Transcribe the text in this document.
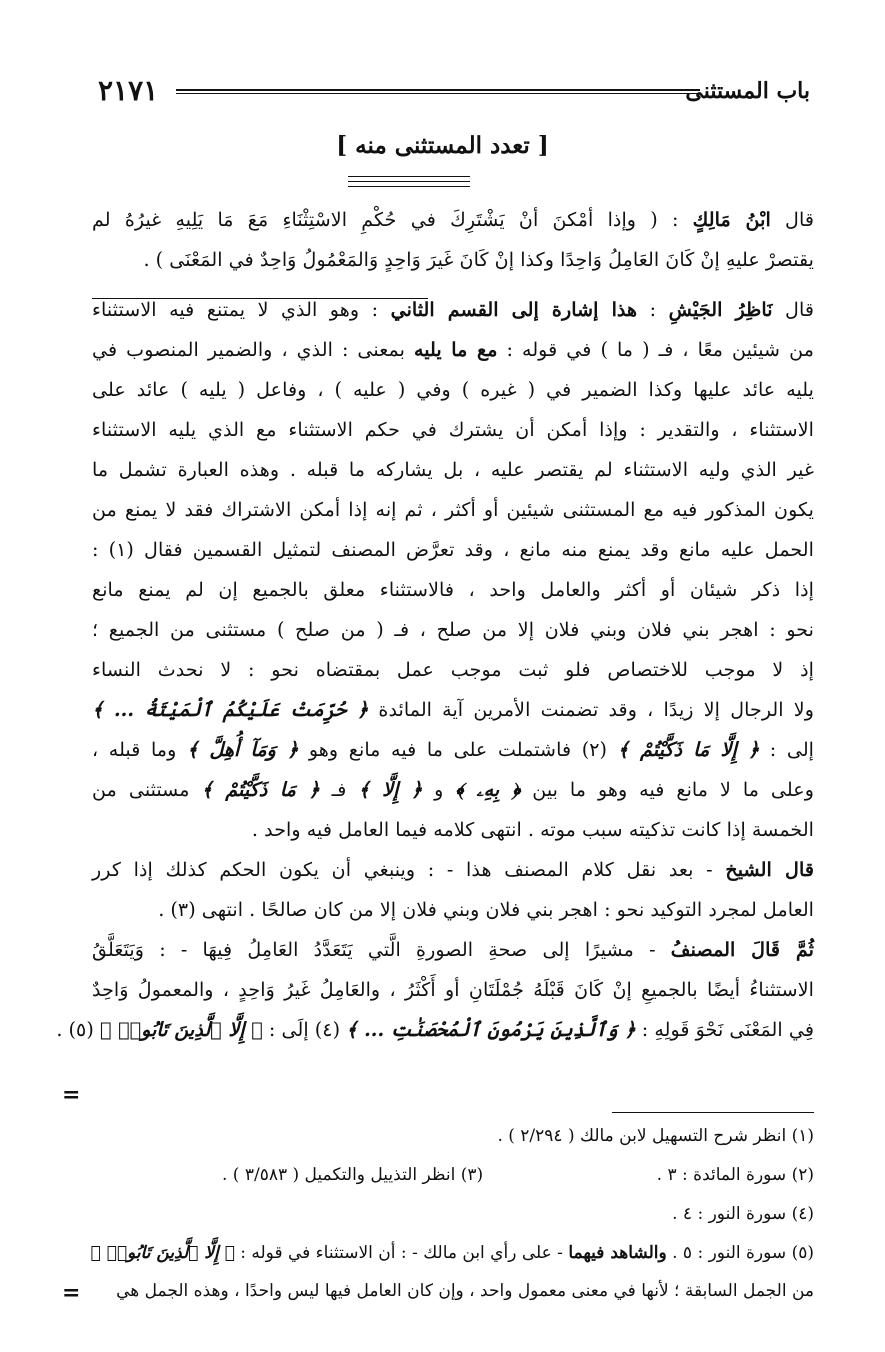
باب المستثنى
٢١٧١
[ تعدد المستثنى منه ]
قال ابْنُ مَالِكٍ : ( وإذا أمْكنَ أنْ يَشْتَرِكَ في حُكْمِ الاسْتِثْنَاءِ مَعَ مَا يَلِيهِ غيرُهُ لم
يقتصرْ عليهِ إنْ كَانَ العَامِلُ وَاحِدًا وكذا إنْ كَانَ غَيرَ وَاحِدٍ وَالمَعْمُولُ وَاحِدٌ في المَعْنَى ) .
قال نَاظِرُ الجَيْشِ : هذا إشارة إلى القسم الثاني : وهو الذي لا يمتنع فيه الاستثناء
من شيئين معًا ، فـ ( ما ) في قوله : مع ما يليه بمعنى : الذي ، والضمير المنصوب في
يليه عائد عليها وكذا الضمير في ( غيره ) وفي ( عليه ) ، وفاعل ( يليه ) عائد على
الاستثناء ، والتقدير : وإذا أمكن أن يشترك في حكم الاستثناء مع الذي يليه الاستثناء
غير الذي وليه الاستثناء لم يقتصر عليه ، بل يشاركه ما قبله . وهذه العبارة تشمل ما
يكون المذكور فيه مع المستثنى شيئين أو أكثر ، ثم إنه إذا أمكن الاشتراك فقد لا يمنع من
الحمل عليه مانع وقد يمنع منه مانع ، وقد تعرَّض المصنف لتمثيل القسمين فقال (١) :
إذا ذكر شيئان أو أكثر والعامل واحد ، فالاستثناء معلق بالجميع إن لم يمنع مانع
نحو : اهجر بني فلان وبني فلان إلا من صلح ، فـ ( من صلح ) مستثنى من الجميع ؛
إذ لا موجب للاختصاص فلو ثبت موجب عمل بمقتضاه نحو : لا نحدث النساء
ولا الرجال إلا زيدًا ، وقد تضمنت الأمرين آية المائدة ﴿ حُرِّمَتْ عَلَيْكُمُ ٱلْمَيْتَةُ ... ﴾
إلى : ﴿ إِلَّا مَا ذَكَّيْتُمْ ﴾ (٢) فاشتملت على ما فيه مانع وهو ﴿ وَمَآ أُهِلَّ ﴾ وما قبله ،
وعلى ما لا مانع فيه وهو ما بين ﴿ بِهِۦ ﴾ و ﴿ إِلَّا ﴾ فـ ﴿ مَا ذَكَّيْتُمْ ﴾ مستثنى من
الخمسة إذا كانت تذكيته سبب موته . انتهى كلامه فيما العامل فيه واحد .
قال الشيخ - بعد نقل كلام المصنف هذا - : وينبغي أن يكون الحكم كذلك إذا كرر
العامل لمجرد التوكيد نحو : اهجر بني فلان وبني فلان إلا من كان صالحًا . انتهى (٣) .
ثُمَّ قَالَ المصنفُ - مشيرًا إلى صحةِ الصورةِ الَّتي يَتَعَدَّدُ العَامِلُ فِيهَا - : وَيَتَعَلَّقُ
الاستثناءُ أيضًا بالجميعِ إنْ كَانَ قَبْلَهُ جُمْلَتَانِ أو أَكْثَرُ ، والعَامِلُ غَيرُ وَاحِدٍ ، والمعمولُ وَاحِدٌ
فِي المَعْنَى نَحْوَ قَولِهِ : ﴿ وَٱلَّذِينَ يَرْمُونَ ٱلْمُحْصَنَٰتِ ... ﴾ (٤) إلَى : ﴿ إِلَّا ٱلَّذِينَ تَابُوا۟ ﴾ (٥) .
=
(١) انظر شرح التسهيل لابن مالك ( ٢/٢٩٤ ) .
(٢) سورة المائدة : ٣ .
(٣) انظر التذييل والتكميل ( ٣/٥٨٣ ) .
(٤) سورة النور : ٤ .
(٥) سورة النور : ٥ . والشاهد فيهما - على رأي ابن مالك - : أن الاستثناء في قوله : ﴿ إِلَّا ٱلَّذِينَ تَابُوا۟ ﴾
من الجمل السابقة ؛ لأنها في معنى معمول واحد ، وإن كان العامل فيها ليس واحدًا ، وهذه الجمل هي
=
